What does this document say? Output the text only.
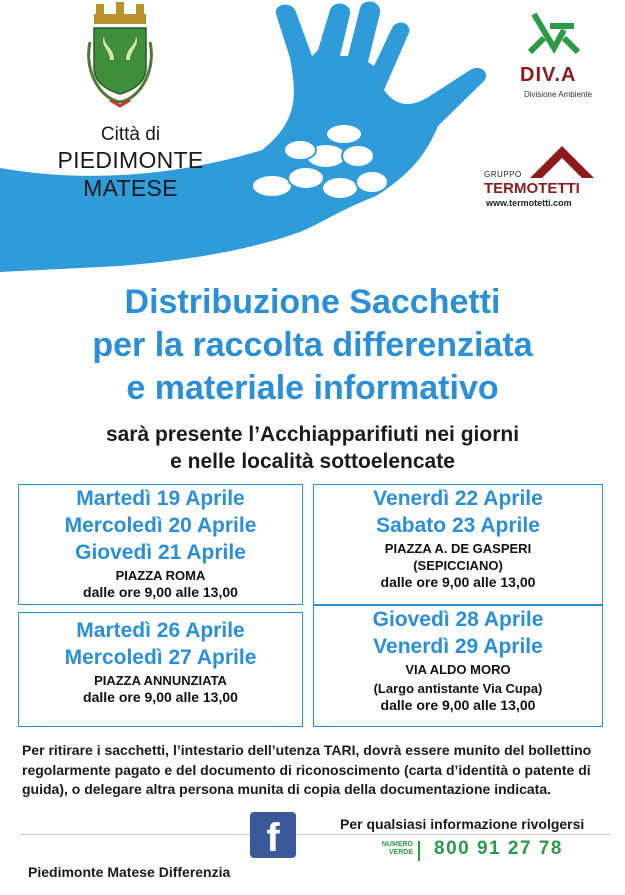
Città di
PIEDIMONTE MATESE
DIV.A
Divisione Ambiente
GRUPPO
TERMOTETTI
www.termotetti.com
Distribuzione Sacchetti
per la raccolta differenziata
e materiale informativo
sarà presente l’Acchiapparifiuti nei giorni
e nelle località sottoelencate
Martedì 19 Aprile
Mercoledì 20 Aprile
Giovedì 21 Aprile
PIAZZA ROMA
dalle ore 9,00 alle 13,00
Venerdì 22 Aprile
Sabato 23 Aprile
PIAZZA A. DE GASPERI
(SEPICCIANO)
dalle ore 9,00 alle 13,00
Martedì 26 Aprile
Mercoledì 27 Aprile
PIAZZA ANNUNZIATA
dalle ore 9,00 alle 13,00
Giovedì 28 Aprile
Venerdì 29 Aprile
VIA ALDO MORO
(Largo antistante Via Cupa)
dalle ore 9,00 alle 13,00
Per ritirare i sacchetti, l’intestario dell’utenza TARI, dovrà essere munito del bollettino regolarmente pagato e del documento di riconoscimento (carta d’identità o patente di guida), o delegare altra persona munita di copia della documentazione indicata.
Piedimonte Matese Differenzia
f	Per qualsiasi informazione rivolgersi
NUMERO
VERDE 800 91 27 78
